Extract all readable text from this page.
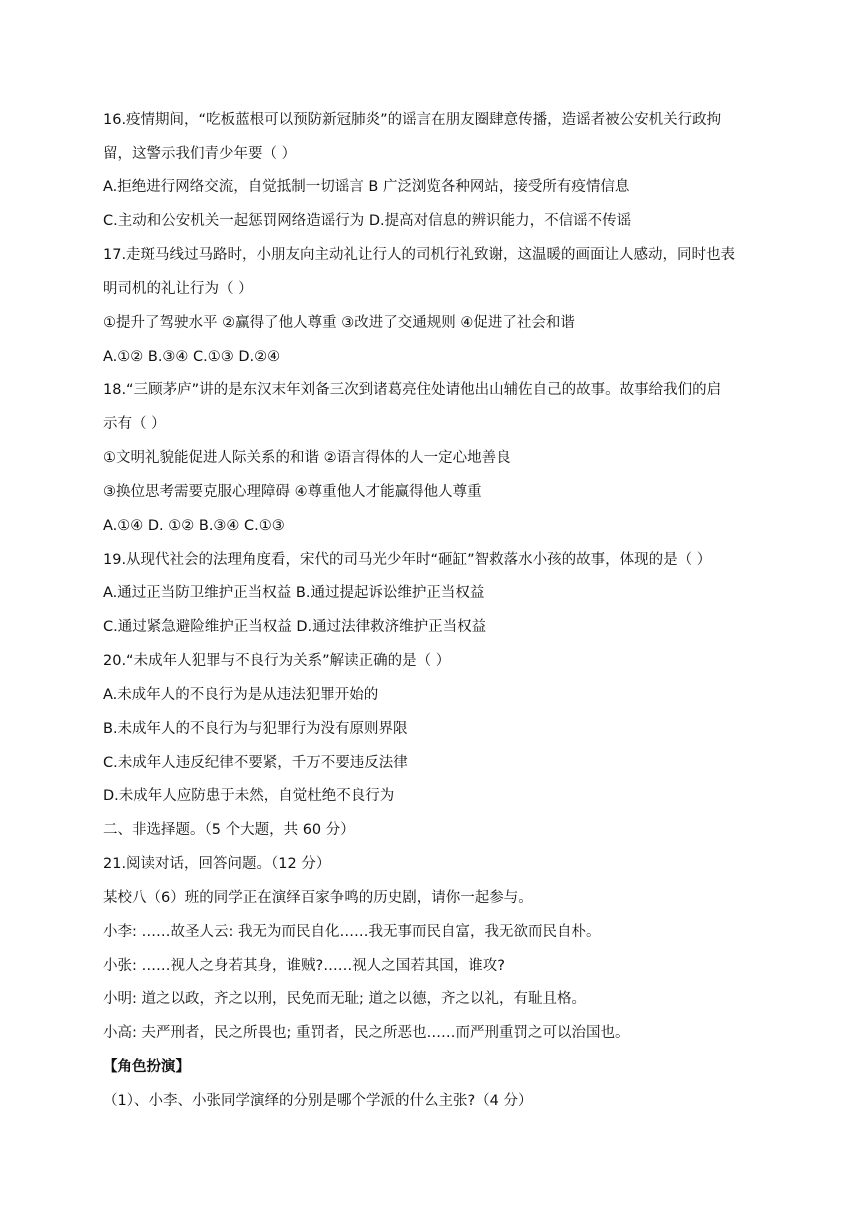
16.疫情期间，“吃板蓝根可以预防新冠肺炎”的谣言在朋友圈肆意传播，造谣者被公安机关行政拘
留，这警示我们青少年要（ ）
A.拒绝进行网络交流，自觉抵制一切谣言 B 广泛浏览各种网站，接受所有疫情信息
C.主动和公安机关一起惩罚网络造谣行为 D.提高对信息的辨识能力，不信谣不传谣
17.走斑马线过马路时，小朋友向主动礼让行人的司机行礼致谢，这温暖的画面让人感动，同时也表
明司机的礼让行为（ ）
①提升了驾驶水平 ②赢得了他人尊重 ③改进了交通规则 ④促进了社会和谐
A.①② B.③④ C.①③ D.②④
18.“三顾茅庐”讲的是东汉末年刘备三次到诸葛亮住处请他出山辅佐自己的故事。故事给我们的启
示有（ ）
①文明礼貌能促进人际关系的和谐 ②语言得体的人一定心地善良
③换位思考需要克服心理障碍 ④尊重他人才能赢得他人尊重
A.①④ D. ①② B.③④ C.①③
19.从现代社会的法理角度看，宋代的司马光少年时“砸缸”智救落水小孩的故事，体现的是（ ）
A.通过正当防卫维护正当权益 B.通过提起诉讼维护正当权益
C.通过紧急避险维护正当权益 D.通过法律救济维护正当权益
20.“未成年人犯罪与不良行为关系”解读正确的是（ ）
A.未成年人的不良行为是从违法犯罪开始的
B.未成年人的不良行为与犯罪行为没有原则界限
C.未成年人违反纪律不要紧，千万不要违反法律
D.未成年人应防患于未然，自觉杜绝不良行为
二、非选择题。（5 个大题，共 60 分）
21.阅读对话，回答问题。（12 分）
某校八（6）班的同学正在演绎百家争鸣的历史剧，请你一起参与。
小李: ……故圣人云: 我无为而民自化……我无事而民自富，我无欲而民自朴。
小张: ……视人之身若其身，谁贼?……视人之国若其国，谁攻?
小明: 道之以政，齐之以刑，民免而无耻; 道之以德，齐之以礼，有耻且格。
小高: 夫严刑者，民之所畏也; 重罚者，民之所恶也……而严刑重罚之可以治国也。
【角色扮演】
（1）、小李、小张同学演绎的分别是哪个学派的什么主张?（4 分）
